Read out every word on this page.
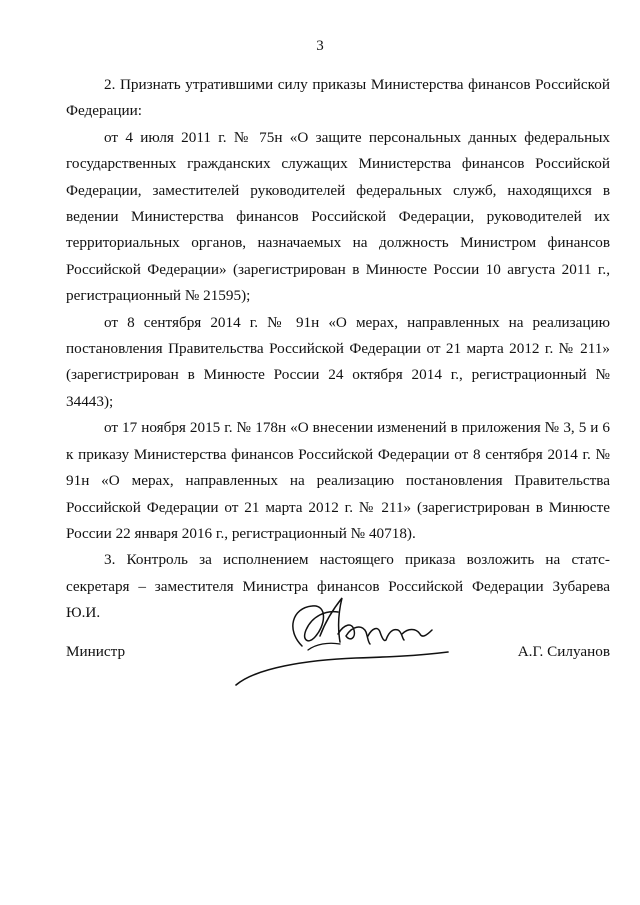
3

2. Признать утратившими силу приказы Министерства финансов Российской Федерации:

от 4 июля 2011 г. № 75н «О защите персональных данных федеральных государственных гражданских служащих Министерства финансов Российской Федерации, заместителей руководителей федеральных служб, находящихся в ведении Министерства финансов Российской Федерации, руководителей их территориальных органов, назначаемых на должность Министром финансов Российской Федерации» (зарегистрирован в Минюсте России 10 августа 2011 г., регистрационный № 21595);

от 8 сентября 2014 г. № 91н «О мерах, направленных на реализацию постановления Правительства Российской Федерации от 21 марта 2012 г. № 211» (зарегистрирован в Минюсте России 24 октября 2014 г., регистрационный № 34443);

от 17 ноября 2015 г. № 178н «О внесении изменений в приложения № 3, 5 и 6 к приказу Министерства финансов Российской Федерации от 8 сентября 2014 г. № 91н «О мерах, направленных на реализацию постановления Правительства Российской Федерации от 21 марта 2012 г. № 211» (зарегистрирован в Минюсте России 22 января 2016 г., регистрационный № 40718).

3. Контроль за исполнением настоящего приказа возложить на статс-секретаря – заместителя Министра финансов Российской Федерации Зубарева Ю.И.

Министр	А.Г. Силуанов
